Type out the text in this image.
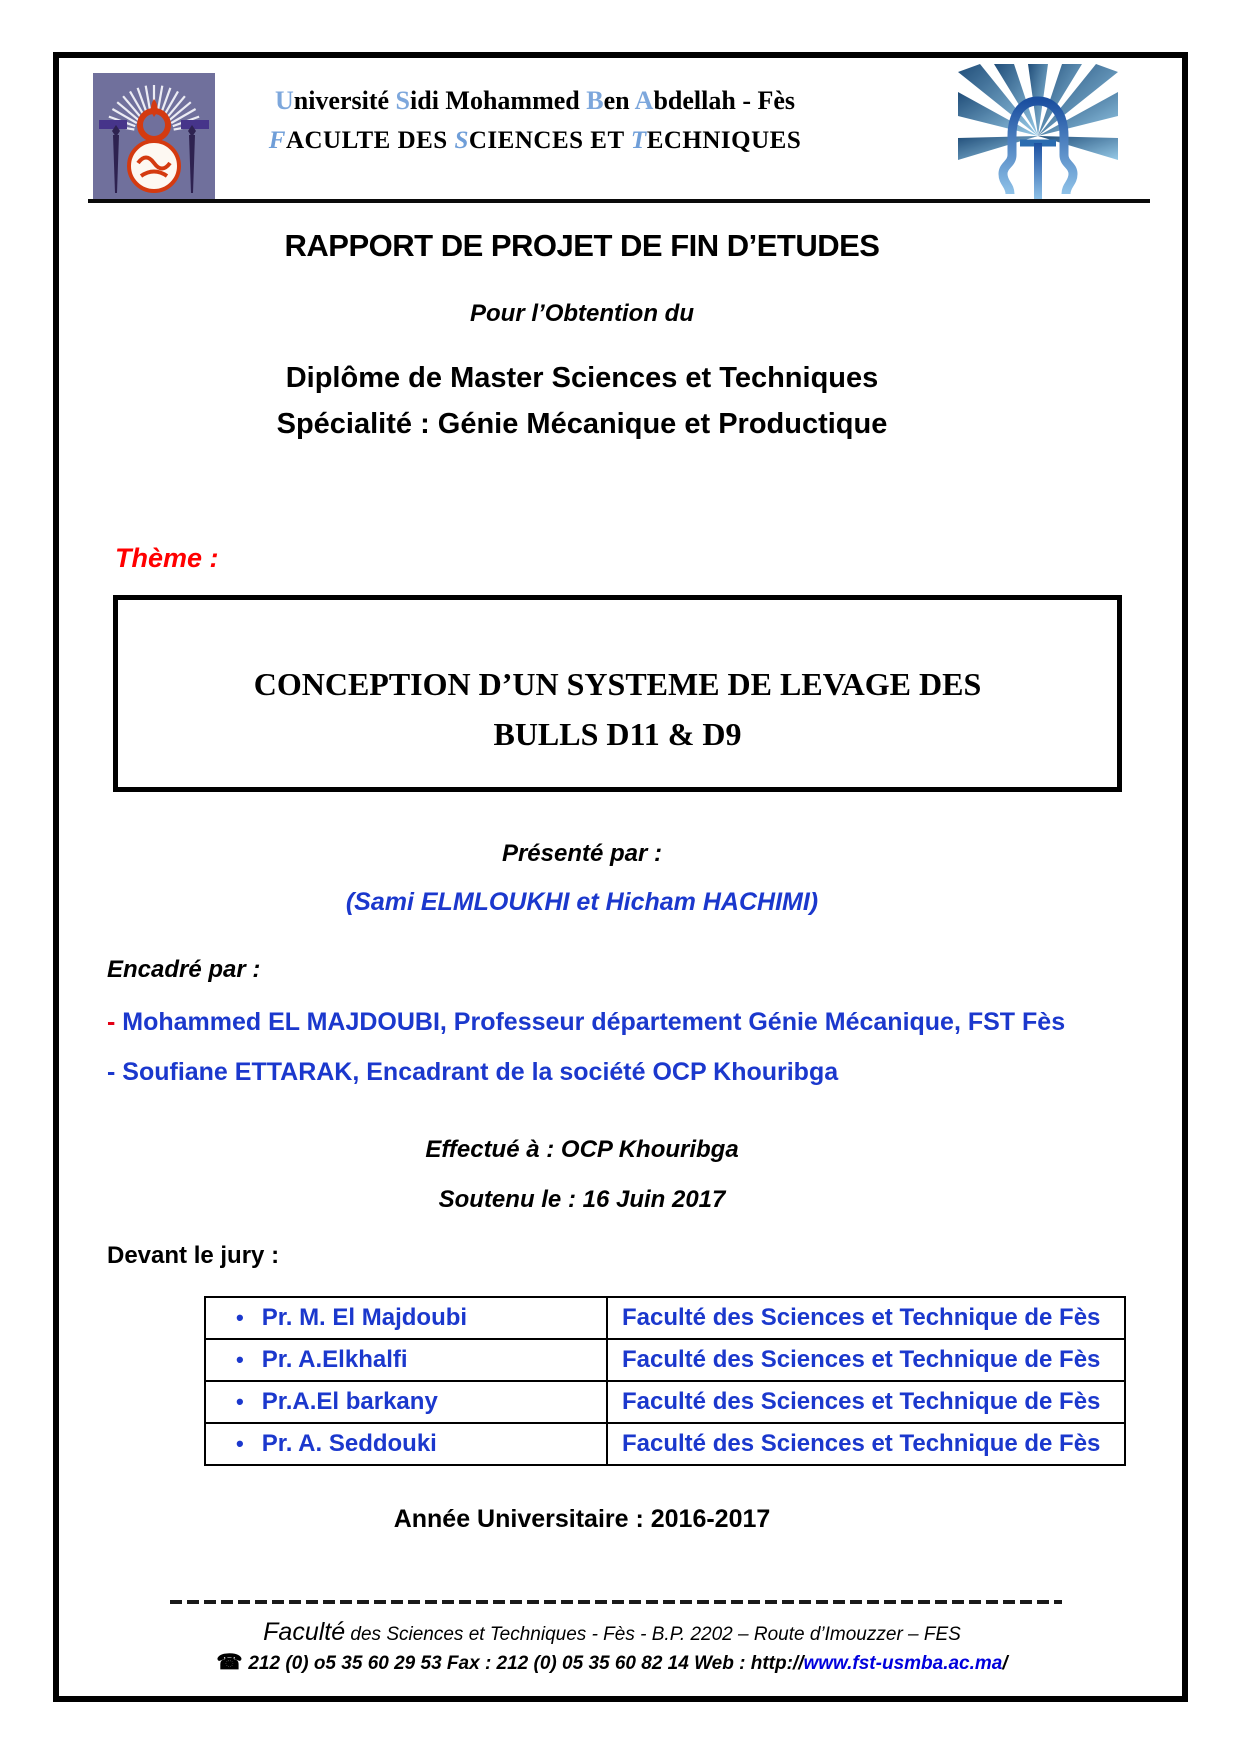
Université Sidi Mohammed Ben Abdellah - Fès
FACULTE DES SCIENCES ET TECHNIQUES
RAPPORT DE PROJET DE FIN D’ETUDES
Pour l’Obtention du
Diplôme de Master Sciences et Techniques
Spécialité : Génie Mécanique et Productique
Thème :
CONCEPTION D’UN SYSTEME DE LEVAGE DES
BULLS D11 & D9
Présenté par :
(Sami ELMLOUKHI et Hicham HACHIMI)
Encadré par :
- Mohammed EL MAJDOUBI, Professeur département Génie Mécanique, FST Fès
- Soufiane ETTARAK, Encadrant de la société OCP Khouribga
Effectué à : OCP Khouribga
Soutenu le : 16 Juin 2017
Devant le jury :
• Pr. M. El Majdoubi	Faculté des Sciences et Technique de Fès
• Pr. A.Elkhalfi	Faculté des Sciences et Technique de Fès
• Pr.A.El barkany	Faculté des Sciences et Technique de Fès
• Pr. A. Seddouki	Faculté des Sciences et Technique de Fès
Année Universitaire : 2016-2017
Faculté des Sciences et Techniques - Fès - B.P. 2202 – Route d’Imouzzer – FES
☎ 212 (0) o5 35 60 29 53 Fax : 212 (0) 05 35 60 82 14 Web : http://www.fst-usmba.ac.ma/
